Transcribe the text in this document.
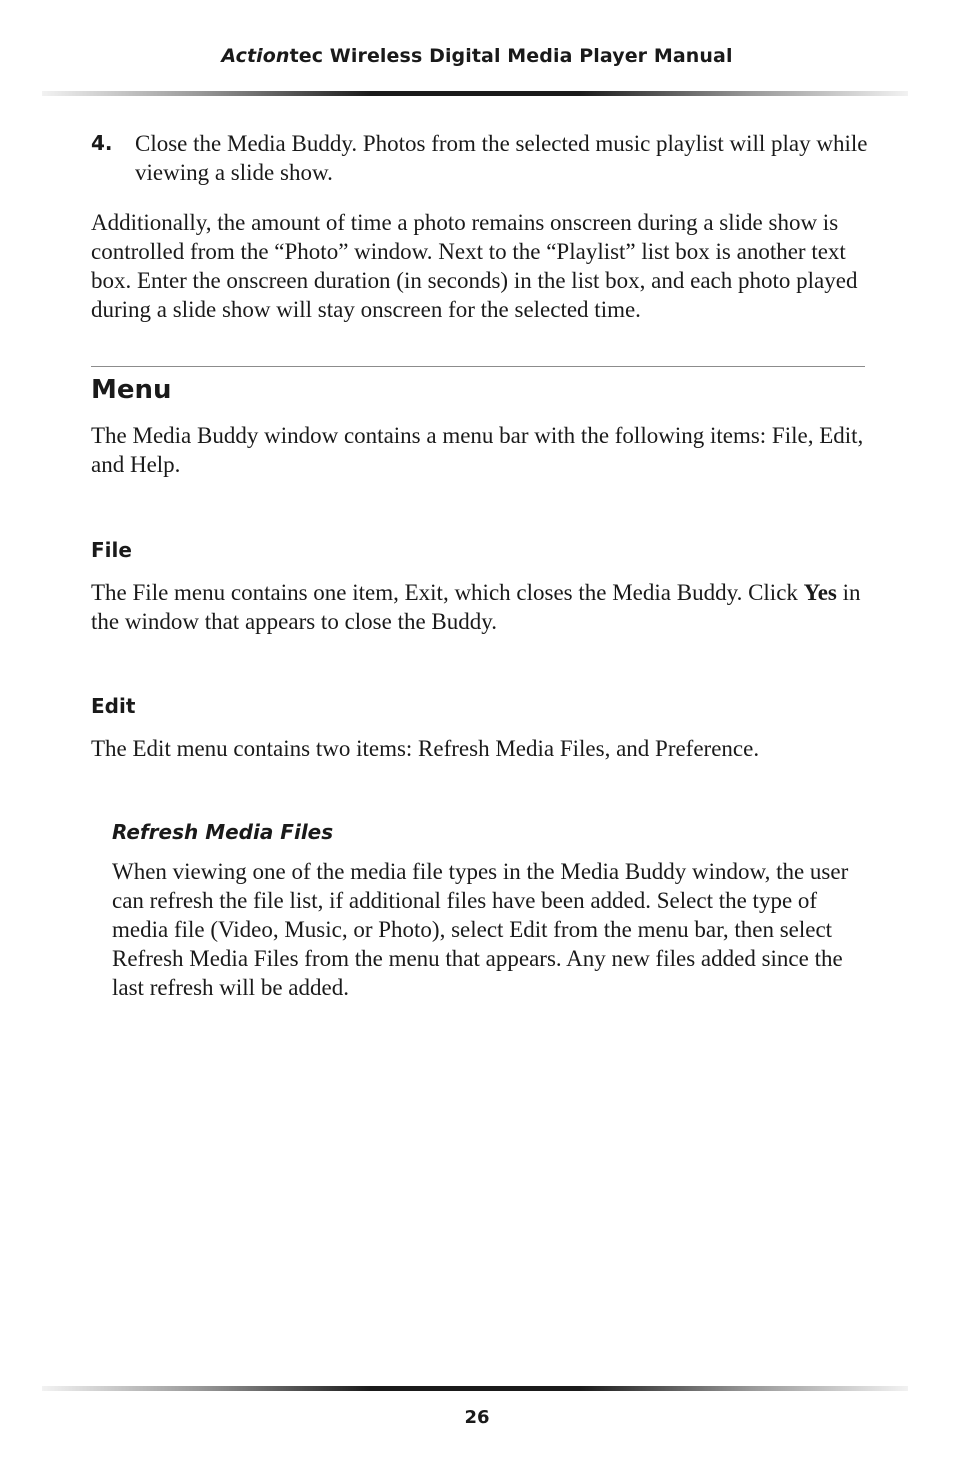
Actiontec Wireless Digital Media Player Manual
4. Close the Media Buddy. Photos from the selected music playlist will play while viewing a slide show.

Additionally, the amount of time a photo remains onscreen during a slide show is controlled from the “Photo” window. Next to the “Playlist” list box is another text box. Enter the onscreen duration (in seconds) in the list box, and each photo played during a slide show will stay onscreen for the selected time.

Menu

The Media Buddy window contains a menu bar with the following items: File, Edit, and Help.

File

The File menu contains one item, Exit, which closes the Media Buddy. Click Yes in the window that appears to close the Buddy.

Edit

The Edit menu contains two items: Refresh Media Files, and Preference.

Refresh Media Files

When viewing one of the media file types in the Media Buddy window, the user can refresh the file list, if additional files have been added. Select the type of media file (Video, Music, or Photo), select Edit from the menu bar, then select Refresh Media Files from the menu that appears. Any new files added since the last refresh will be added.

26
